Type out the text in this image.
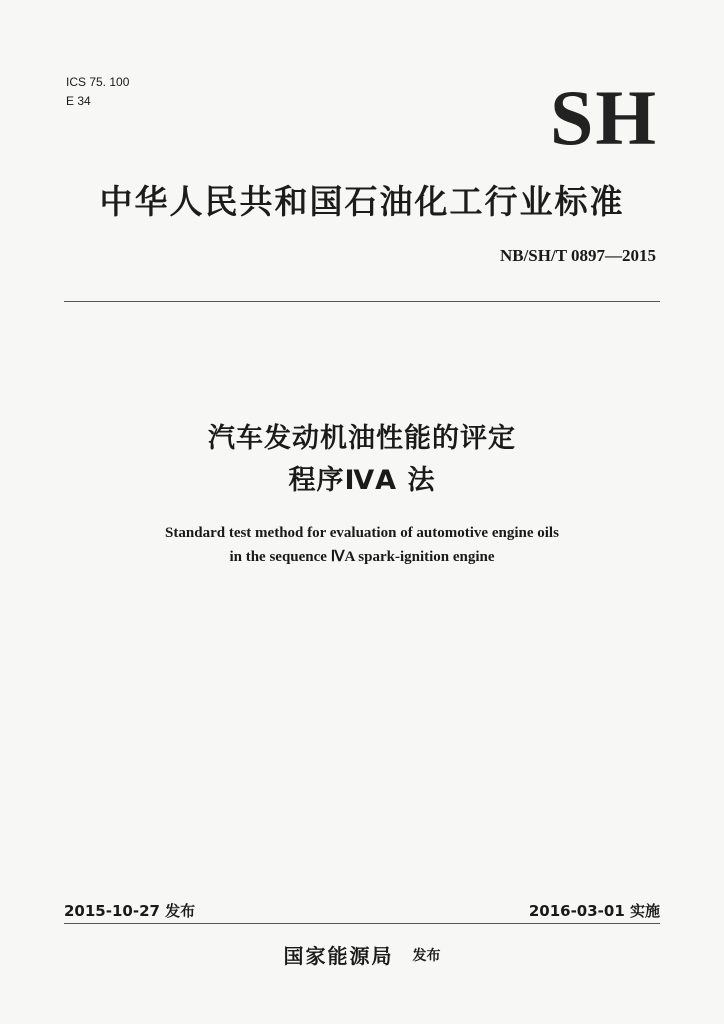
ICS 75. 100
E 34	SH
中华人民共和国石油化工行业标准
NB/SH/T 0897—2015
汽车发动机油性能的评定
程序ⅣA 法
Standard test method for evaluation of automotive engine oils
in the sequence ⅣA spark-ignition engine
2015-10-27 发布	2016-03-01 实施
国家能源局 发布
